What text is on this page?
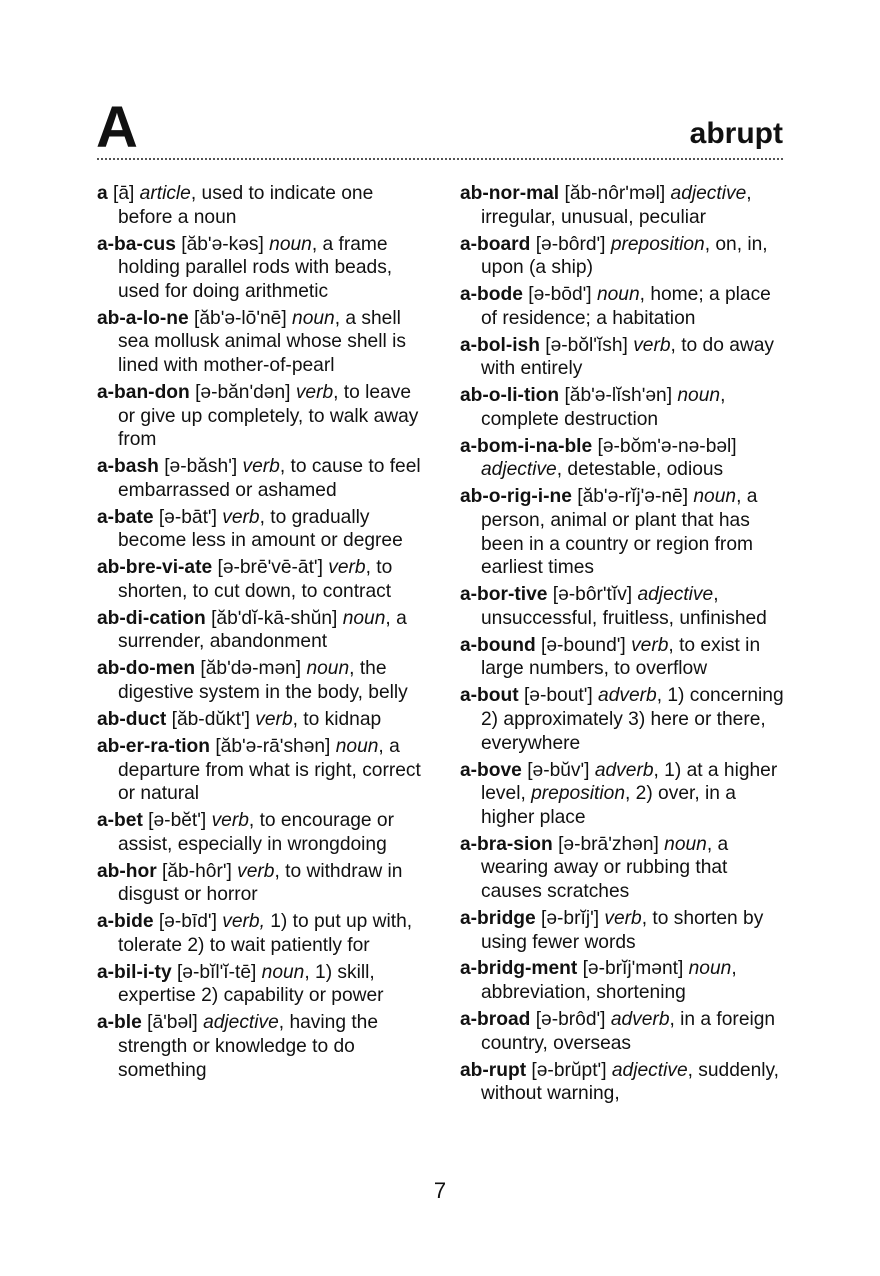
A	abrupt

a [ā] article, used to indicate one before a noun

a-ba-cus [ăbʹə-kəs] noun, a frame holding parallel rods with beads, used for doing arithmetic

ab-a-lo-ne [ăbʹə-lōʹnē] noun, a shell sea mollusk animal whose shell is lined with mother-of-pearl

a-ban-don [ə-bănʹdən] verb, to leave or give up completely, to walk away from

a-bash [ə-băshʹ] verb, to cause to feel embarrassed or ashamed

a-bate [ə-bātʹ] verb, to gradually become less in amount or degree

ab-bre-vi-ate [ə-brēʹvē-ātʹ] verb, to shorten, to cut down, to contract

ab-di-cation [ăbʹdĭ-kā-shŭn] noun, a surrender, abandonment

ab-do-men [ăbʹdə-mən] noun, the digestive system in the body, belly

ab-duct [ăb-dŭktʹ] verb, to kidnap

ab-er-ra-tion [ăbʹə-rāʹshən] noun, a departure from what is right, correct or natural

a-bet [ə-bĕtʹ] verb, to encourage or assist, especially in wrongdoing

ab-hor [ăb-hôrʹ] verb, to withdraw in disgust or horror

a-bide [ə-bīdʹ] verb, 1) to put up with, tolerate 2) to wait patiently for

a-bil-i-ty [ə-bĭlʹĭ-tē] noun, 1) skill, expertise 2) capability or power

a-ble [āʹbəl] adjective, having the strength or knowledge to do something

ab-nor-mal [ăb-nôrʹməl] adjective, irregular, unusual, peculiar

a-board [ə-bôrdʹ] preposition, on, in, upon (a ship)

a-bode [ə-bōdʹ] noun, home; a place of residence; a habitation

a-bol-ish [ə-bŏlʹĭsh] verb, to do away with entirely

ab-o-li-tion [ăbʹə-lĭshʹən] noun, complete destruction

a-bom-i-na-ble [ə-bŏmʹə-nə-bəl] adjective, detestable, odious

ab-o-rig-i-ne [ăbʹə-rĭjʹə-nē] noun, a person, animal or plant that has been in a country or region from earliest times

a-bor-tive [ə-bôrʹtĭv] adjective, unsuccessful, fruitless, unfinished

a-bound [ə-boundʹ] verb, to exist in large numbers, to overflow

a-bout [ə-boutʹ] adverb, 1) concerning 2) approximately 3) here or there, everywhere

a-bove [ə-bŭvʹ] adverb, 1) at a higher level, preposition, 2) over, in a higher place

a-bra-sion [ə-brāʹzhən] noun, a wearing away or rubbing that causes scratches

a-bridge [ə-brĭjʹ] verb, to shorten by using fewer words

a-bridg-ment [ə-brĭjʹmənt] noun, abbreviation, shortening

a-broad [ə-brôdʹ] adverb, in a foreign country, overseas

ab-rupt [ə-brŭptʹ] adjective, suddenly, without warning,

7
